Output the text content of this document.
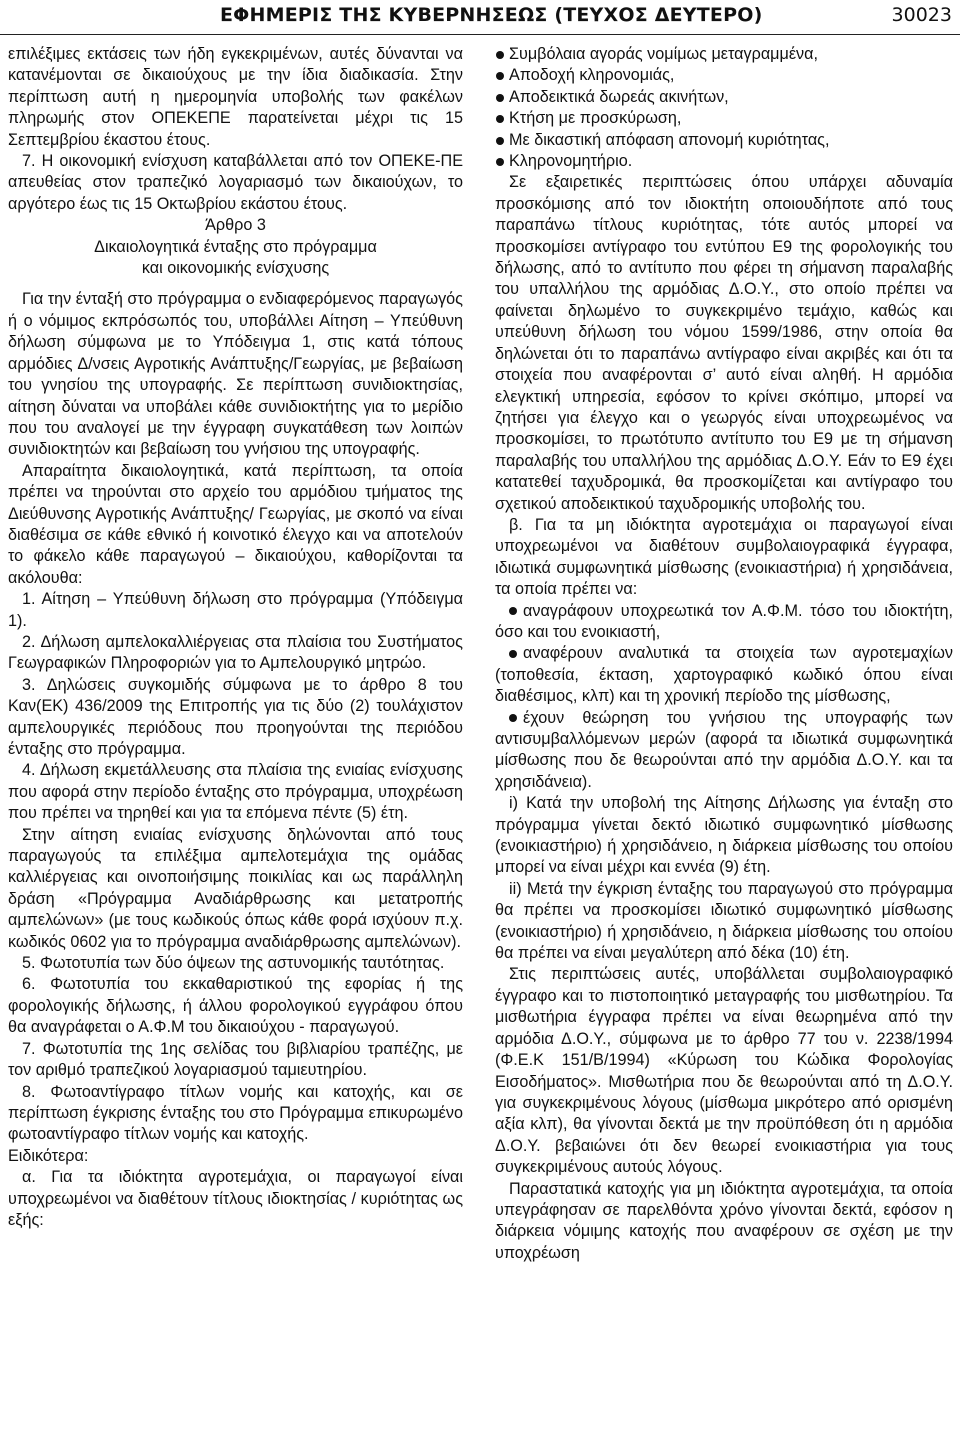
ΕΦΗΜΕΡΙΣ ΤΗΣ ΚΥΒΕΡΝΗΣΕΩΣ (ΤΕΥΧΟΣ ΔΕΥΤΕΡΟ)	30023

επιλέξιμες εκτάσεις των ήδη εγκεκριμένων, αυτές δύνανται να κατανέμονται σε δικαιούχους με την ίδια διαδικασία. Στην περίπτωση αυτή η ημερομηνία υποβολής των φακέλων πληρωμής στον ΟΠΕΚΕΠΕ παρατείνεται μέχρι τις 15 Σεπτεμβρίου έκαστου έτους.

7. Η οικονομική ενίσχυση καταβάλλεται από τον ΟΠΕΚΕ-ΠΕ απευθείας στον τραπεζικό λογαριασμό των δικαιούχων, το αργότερο έως τις 15 Οκτωβρίου εκάστου έτους.

Άρθρο 3

Δικαιολογητικά ένταξης στο πρόγραμμα

και οικονομικής ενίσχυσης

Για την ένταξή στο πρόγραμμα ο ενδιαφερόμενος παραγωγός ή ο νόμιμος εκπρόσωπός του, υποβάλλει Αίτηση – Υπεύθυνη δήλωση σύμφωνα με το Υπόδειγμα 1, στις κατά τόπους αρμόδιες Δ/νσεις Αγροτικής Ανάπτυξης/Γεωργίας, με βεβαίωση του γνησίου της υπογραφής. Σε περίπτωση συνιδιοκτησίας, αίτηση δύναται να υποβάλει κάθε συνιδιοκτήτης για το μερίδιο που του αναλογεί με την έγγραφη συγκατάθεση των λοιπών συνιδιοκτητών και βεβαίωση του γνήσιου της υπογραφής.

Απαραίτητα δικαιολογητικά, κατά περίπτωση, τα οποία πρέπει να τηρούνται στο αρχείο του αρμόδιου τμήματος της Διεύθυνσης Αγροτικής Ανάπτυξης/ Γεωργίας, με σκοπό να είναι διαθέσιμα σε κάθε εθνικό ή κοινοτικό έλεγχο και να αποτελούν το φάκελο κάθε παραγωγού – δικαιούχου, καθορίζονται τα ακόλουθα:

1. Αίτηση – Υπεύθυνη δήλωση στο πρόγραμμα (Υπόδειγμα 1).

2. Δήλωση αμπελοκαλλιέργειας στα πλαίσια του Συστήματος Γεωγραφικών Πληροφοριών για το Αμπελουργικό μητρώο.

3. Δηλώσεις συγκομιδής σύμφωνα με το άρθρο 8 του Καν(ΕΚ) 436/2009 της Επιτροπής για τις δύο (2) τουλάχιστον αμπελουργικές περιόδους που προηγούνται της περιόδου ένταξης στο πρόγραμμα.

4. Δήλωση εκμετάλλευσης στα πλαίσια της ενιαίας ενίσχυσης που αφορά στην περίοδο ένταξης στο πρόγραμμα, υποχρέωση που πρέπει να τηρηθεί και για τα επόμενα πέντε (5) έτη.

Στην αίτηση ενιαίας ενίσχυσης δηλώνονται από τους παραγωγούς τα επιλέξιμα αμπελοτεμάχια της ομάδας καλλιέργειας και οινοποιήσιμης ποικιλίας και ως παράλληλη δράση «Πρόγραμμα Αναδιάρθρωσης και μετατροπής αμπελώνων» (με τους κωδικούς όπως κάθε φορά ισχύουν π.χ. κωδικός 0602 για το πρόγραμμα αναδιάρθρωσης αμπελώνων).

5. Φωτοτυπία των δύο όψεων της αστυνομικής ταυτότητας.

6. Φωτοτυπία του εκκαθαριστικού της εφορίας ή της φορολογικής δήλωσης, ή άλλου φορολογικού εγγράφου όπου θα αναγράφεται ο Α.Φ.Μ του δικαιούχου - παραγωγού.

7. Φωτοτυπία της 1ης σελίδας του βιβλιαρίου τραπέζης, με τον αριθμό τραπεζικού λογαριασμού ταμιευτηρίου.

8. Φωτοαντίγραφο τίτλων νομής και κατοχής, και σε περίπτωση έγκρισης ένταξης του στο Πρόγραμμα επικυρωμένο φωτοαντίγραφο τίτλων νομής και κατοχής.

Ειδικότερα:

α. Για τα ιδιόκτητα αγροτεμάχια, οι παραγωγοί είναι υποχρεωμένοι να διαθέτουν τίτλους ιδιοκτησίας / κυριότητας ως εξής:

Συμβόλαια αγοράς νομίμως μεταγραμμένα,
Αποδοχή κληρονομιάς,
Αποδεικτικά δωρεάς ακινήτων,
Κτήση με προσκύρωση,
Με δικαστική απόφαση απονομή κυριότητας,
Κληρονομητήριο.

Σε εξαιρετικές περιπτώσεις όπου υπάρχει αδυναμία προσκόμισης από τον ιδιοκτήτη οποιουδήποτε από τους παραπάνω τίτλους κυριότητας, τότε αυτός μπορεί να προσκομίσει αντίγραφο του εντύπου Ε9 της φορολογικής του δήλωσης, από το αντίτυπο που φέρει τη σήμανση παραλαβής του υπαλλήλου της αρμόδιας Δ.Ο.Υ., στο οποίο πρέπει να φαίνεται δηλωμένο το συγκεκριμένο τεμάχιο, καθώς και υπεύθυνη δήλωση του νόμου 1599/1986, στην οποία θα δηλώνεται ότι το παραπάνω αντίγραφο είναι ακριβές και ότι τα στοιχεία που αναφέρονται σ’ αυτό είναι αληθή. Η αρμόδια ελεγκτική υπηρεσία, εφόσον το κρίνει σκόπιμο, μπορεί να ζητήσει για έλεγχο και ο γεωργός είναι υποχρεωμένος να προσκομίσει, το πρωτότυπο αντίτυπο του Ε9 με τη σήμανση παραλαβής του υπαλλήλου της αρμόδιας Δ.Ο.Υ. Εάν το Ε9 έχει κατατεθεί ταχυδρομικά, θα προσκομίζεται και αντίγραφο του σχετικού αποδεικτικού ταχυδρομικής υποβολής του.

β. Για τα μη ιδιόκτητα αγροτεμάχια οι παραγωγοί είναι υποχρεωμένοι να διαθέτουν συμβολαιογραφικά έγγραφα, ιδιωτικά συμφωνητικά μίσθωσης (ενοικιαστήρια) ή χρησιδάνεια, τα οποία πρέπει να:

αναγράφουν υποχρεωτικά τον Α.Φ.Μ. τόσο του ιδιοκτήτη, όσο και του ενοικιαστή,

αναφέρουν αναλυτικά τα στοιχεία των αγροτεμαχίων (τοποθεσία, έκταση, χαρτογραφικό κωδικό όπου είναι διαθέσιμος, κλπ) και τη χρονική περίοδο της μίσθωσης,

έχουν θεώρηση του γνήσιου της υπογραφής των αντισυμβαλλόμενων μερών (αφορά τα ιδιωτικά συμφωνητικά μίσθωσης που δε θεωρούνται από την αρμόδια Δ.Ο.Υ. και τα χρησιδάνεια).

i) Κατά την υποβολή της Αίτησης Δήλωσης για ένταξη στο πρόγραμμα γίνεται δεκτό ιδιωτικό συμφωνητικό μίσθωσης (ενοικιαστήριο) ή χρησιδάνειο, η διάρκεια μίσθωσης του οποίου μπορεί να είναι μέχρι και εννέα (9) έτη.

ii) Μετά την έγκριση ένταξης του παραγωγού στο πρόγραμμα θα πρέπει να προσκομίσει ιδιωτικό συμφωνητικό μίσθωσης (ενοικιαστήριο) ή χρησιδάνειο, η διάρκεια μίσθωσης του οποίου θα πρέπει να είναι μεγαλύτερη από δέκα (10) έτη.

Στις περιπτώσεις αυτές, υποβάλλεται συμβολαιογραφικό έγγραφο και το πιστοποιητικό μεταγραφής του μισθωτηρίου. Τα μισθωτήρια έγγραφα πρέπει να είναι θεωρημένα από την αρμόδια Δ.Ο.Υ., σύμφωνα με το άρθρο 77 του ν. 2238/1994 (Φ.Ε.Κ 151/Β/1994) «Κύρωση του Κώδικα Φορολογίας Εισοδήματος». Μισθωτήρια που δε θεωρούνται από τη Δ.Ο.Υ. για συγκεκριμένους λόγους (μίσθωμα μικρότερο από ορισμένη αξία κλπ), θα γίνονται δεκτά με την προϋπόθεση ότι η αρμόδια Δ.Ο.Υ. βεβαιώνει ότι δεν θεωρεί ενοικιαστήρια για τους συγκεκριμένους αυτούς λόγους.

Παραστατικά κατοχής για μη ιδιόκτητα αγροτεμάχια, τα οποία υπεγράφησαν σε παρελθόντα χρόνο γίνονται δεκτά, εφόσον η διάρκεια νόμιμης κατοχής που αναφέρουν σε σχέση με την υποχρέωση
